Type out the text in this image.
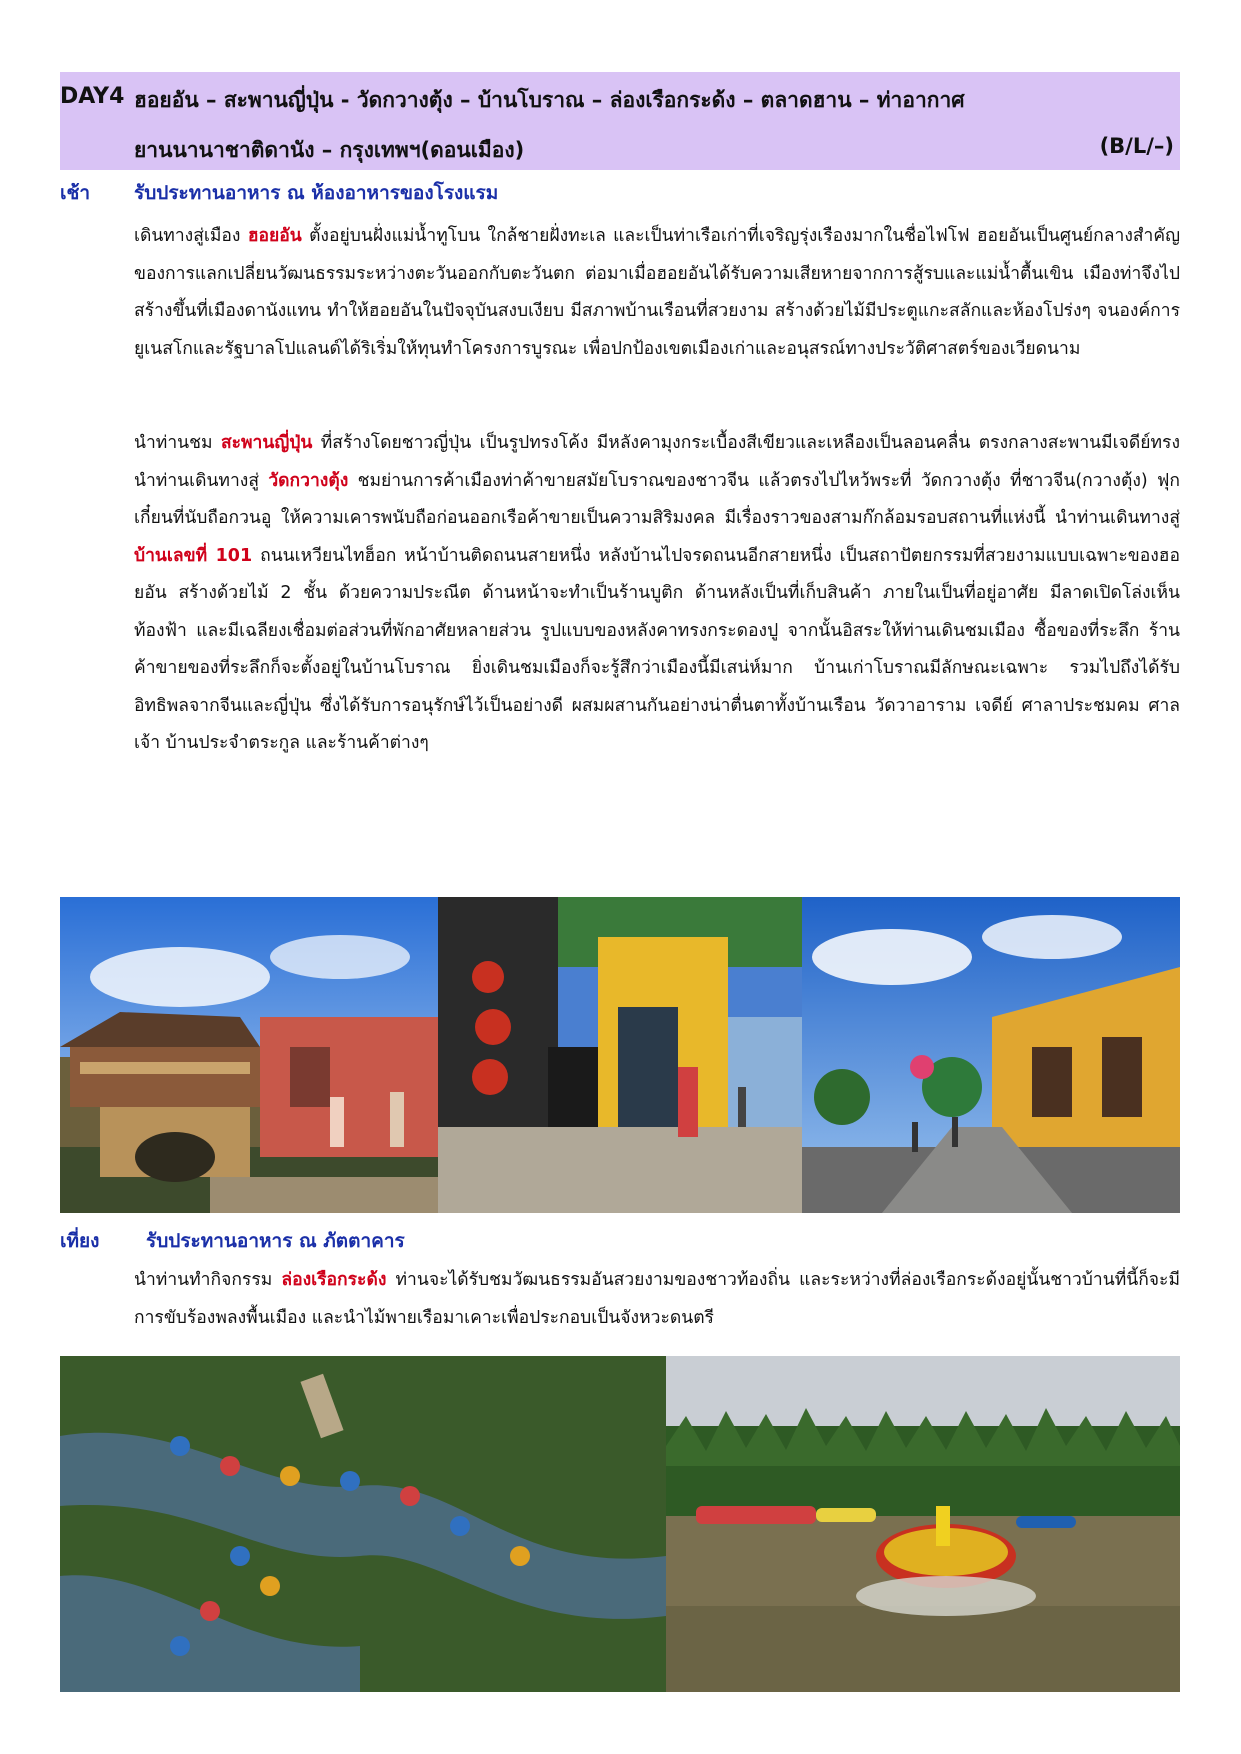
DAY4 ฮอยอัน – สะพานญี่ปุ่น - วัดกวางตุ้ง – บ้านโบราณ – ล่องเรือกระด้ง – ตลาดฮาน – ท่าอากาศ
ยานนานาชาติดานัง – กรุงเทพฯ(ดอนเมือง)	(B/L/–)
เช้า รับประทานอาหาร ณ ห้องอาหารของโรงแรม

เดินทางสู่เมือง ฮอยอัน ตั้งอยู่บนฝั่งแม่น้ำทูโบน ใกล้ชายฝั่งทะเล และเป็นท่าเรือเก่าที่เจริญรุ่งเรืองมากในชื่อไฟโฟ ฮอยอันเป็นศูนย์กลางสำคัญของการแลกเปลี่ยนวัฒนธรรมระหว่างตะวันออกกับตะวันตก ต่อมาเมื่อฮอยอันได้รับความเสียหายจากการสู้รบและแม่น้ำตื้นเขิน เมืองท่าจึงไปสร้างขึ้นที่เมืองดานังแทน ทำให้ฮอยอันในปัจจุบันสงบเงียบ มีสภาพบ้านเรือนที่สวยงาม สร้างด้วยไม้มีประตูแกะสลักและห้องโปร่งๆ จนองค์การยูเนสโกและรัฐบาลโปแลนด์ได้ริเริ่มให้ทุนทำโครงการบูรณะ เพื่อปกป้องเขตเมืองเก่าและอนุสรณ์ทางประวัติศาสตร์ของเวียดนาม

นำท่านชม สะพานญี่ปุ่น ที่สร้างโดยชาวญี่ปุ่น เป็นรูปทรงโค้ง มีหลังคามุงกระเบื้องสีเขียวและเหลืองเป็นลอนคลื่น ตรงกลางสะพานมีเจดีย์ทรง นำท่านเดินทางสู่ วัดกวางตุ้ง ชมย่านการค้าเมืองท่าค้าขายสมัยโบราณของชาวจีน แล้วตรงไปไหว้พระที่ วัดกวางตุ้ง ที่ชาวจีน(กวางตุ้ง) ฟุกเกี๋ยนที่นับถือกวนอู ให้ความเคารพนับถือก่อนออกเรือค้าขายเป็นความสิริมงคล มีเรื่องราวของสามก๊กล้อมรอบสถานที่แห่งนี้ นำท่านเดินทางสู่ บ้านเลขที่ 101 ถนนเหวียนไทฮ็อก หน้าบ้านติดถนนสายหนึ่ง หลังบ้านไปจรดถนนอีกสายหนึ่ง เป็นสถาปัตยกรรมที่สวยงามแบบเฉพาะของฮอยอัน สร้างด้วยไม้ 2 ชั้น ด้วยความประณีต ด้านหน้าจะทำเป็นร้านบูติก ด้านหลังเป็นที่เก็บสินค้า ภายในเป็นที่อยู่อาศัย มีลาดเปิดโล่งเห็นท้องฟ้า และมีเฉลียงเชื่อมต่อส่วนที่พักอาศัยหลายส่วน รูปแบบของหลังคาทรงกระดองปู จากนั้นอิสระให้ท่านเดินชมเมือง ซื้อของที่ระลึก ร้านค้าขายของที่ระลึกก็จะตั้งอยู่ในบ้านโบราณ ยิ่งเดินชมเมืองก็จะรู้สึกว่าเมืองนี้มีเสน่ห์มาก บ้านเก่าโบราณมีลักษณะเฉพาะ รวมไปถึงได้รับอิทธิพลจากจีนและญี่ปุ่น ซึ่งได้รับการอนุรักษ์ไว้เป็นอย่างดี ผสมผสานกันอย่างน่าตื่นตาทั้งบ้านเรือน วัดวาอาราม เจดีย์ ศาลาประชมคม ศาลเจ้า บ้านประจำตระกูล และร้านค้าต่างๆ

เที่ยง รับประทานอาหาร ณ ภัตตาคาร

นำท่านทำกิจกรรม ล่องเรือกระด้ง ท่านจะได้รับชมวัฒนธรรมอันสวยงามของชาวท้องถิ่น และระหว่างที่ล่องเรือกระด้งอยู่นั้นชาวบ้านที่นี้ก็จะมีการขับร้องพลงพื้นเมือง และนำไม้พายเรือมาเคาะเพื่อประกอบเป็นจังหวะดนตรี
